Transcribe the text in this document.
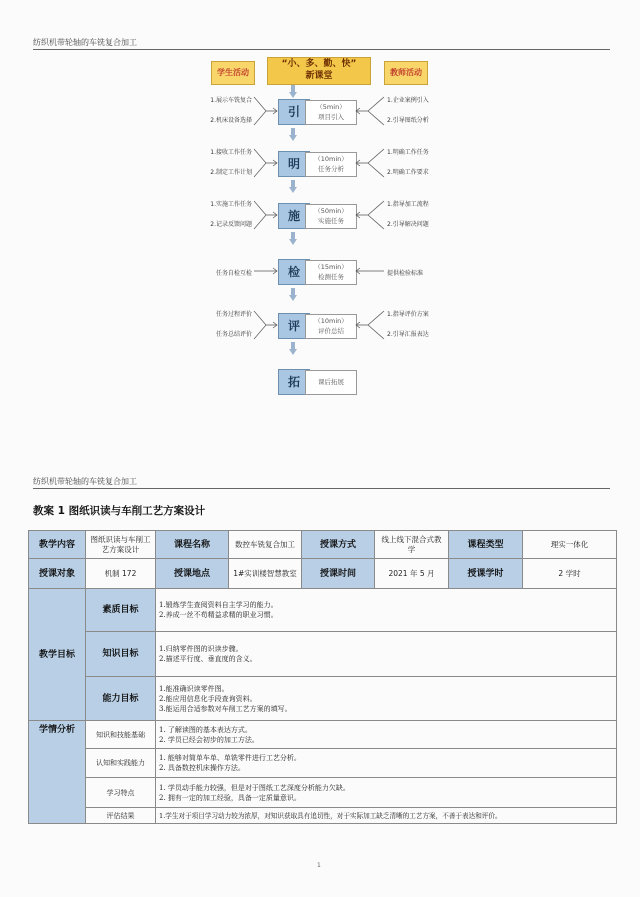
纺织机带轮轴的车铣复合加工
学生活动
“小、多、勤、快”
新课堂	教师活动
引	（5min）
项目引入
1.展示车铣复合
2.机床设备选择
1.企业案例引入
2.引导图纸分析
明	（10min）
任务分析
1.接收工作任务
2.制定工作计划
1.明确工作任务
2.明确工作要求
施	（50min）
实施任务
1.实施工作任务
2.记录反馈问题
1.指导加工流程
2.引导解决问题
检	（15min）
检测任务
任务自检互检	提供检验标准
评	（10min）
评价总结
任务过程评价
任务总结评价
1.指导评价方案
2.引导汇报表达
拓	课后拓展
纺织机带轮轴的车铣复合加工
教案 1 图纸识读与车削工艺方案设计
教学内容	图纸识读与车削工艺方案设计	课程名称	数控车铣复合加工	授课方式	线上线下混合式教学	课程类型	理实一体化
授课对象	机制 172	授课地点	1#实训楼智慧教室	授课时间	2021 年 5 月	授课学时	2 学时
教学目标	素质目标	1.锻炼学生查阅资料自主学习的能力。
2.养成一丝不苟精益求精的职业习惯。					

	知识目标	1.归纳零件图的识读步骤。
2.描述平行度、垂直度的含义。					

	能力目标	1.能准确识读零件图。
2.能应用信息化手段查询资料。
3.能运用合适参数对车削工艺方案的填写。					

学情分析	知识和技能基础	1. 了解读图的基本表达方式。
2. 学员已经会初步的加工方法。					

	认知和实践能力	1. 能够对简单车单、单铣零件进行工艺分析。
2. 具备数控机床操作方法。					

	学习特点	1. 学员动手能力较强，但是对于图纸工艺深度分析能力欠缺。
2. 拥有一定的加工经验，具备一定质量意识。					

	评估结果	1.学生对于项目学习动力较为浓厚，对知识获取具有追切性，对于实际加工缺乏清晰的工艺方案，不善于表达和评价。					
1
